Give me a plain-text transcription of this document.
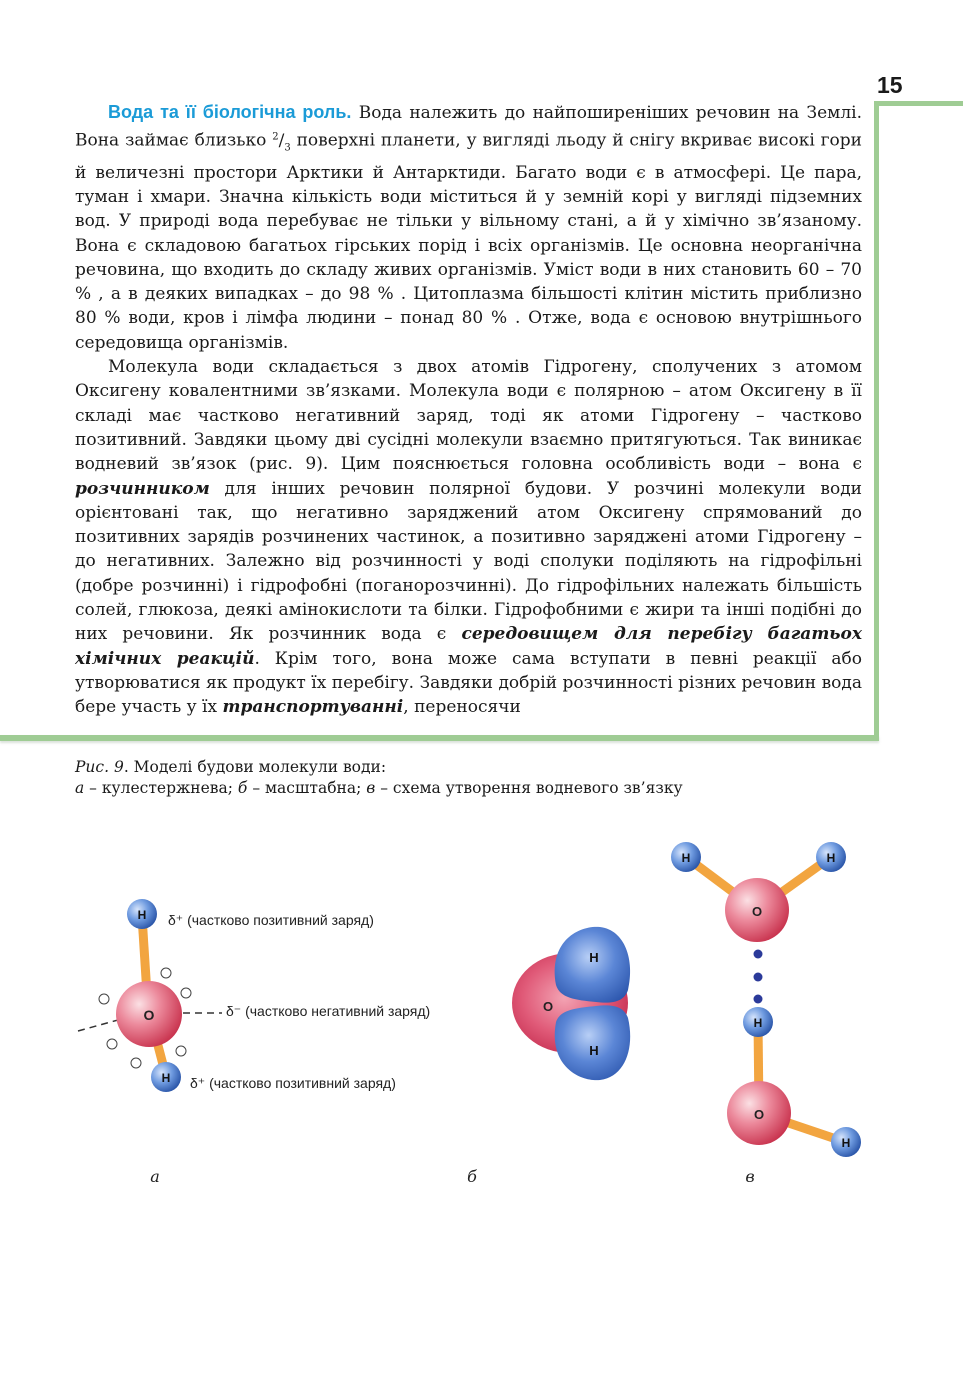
15

Вода та її біологічна роль. Вода належить до найпоширеніших речовин на Землі. Вона займає близько $^2/_3$ поверхні планети, у вигляді льоду й снігу вкриває високі гори й величезні простори Арктики й Антарктиди. Багато води є в атмосфері. Це пара, туман і хмари. Значна кількість води міститься й у земній корі у вигляді підземних вод. У природі вода перебуває не тільки у вільному стані, а й у хімічно зв’язаному. Вона є складовою багатьох гірських порід і всіх організмів. Це основна неорганічна речовина, що входить до складу живих організмів. Уміст води в них становить 60 – 70 % , а в деяких випадках – до 98 % . Цитоплазма більшості клітин містить приблизно 80 % води, кров і лімфа людини – понад 80 % . Отже, вода є основою внутрішнього середовища організмів.

Молекула води складається з двох атомів Гідрогену, сполучених з атомом Оксигену ковалентними зв’язками. Молекула води є полярною – атом Оксигену в її складі має частково негативний заряд, тоді як атоми Гідрогену – частково позитивний. Завдяки цьому дві сусідні молекули взаємно притягуються. Так виникає водневий зв’язок (рис. 9). Цим пояснюється головна особливість води – вона є розчинником для інших речовин полярної будови. У розчині молекули води орієнтовані так, що негативно заряджений атом Оксигену спрямований до позитивних зарядів розчинених частинок, а позитивно заряджені атоми Гідрогену – до негативних. Залежно від розчинності у воді сполуки поділяють на гідрофільні (добре розчинні) і гідрофобні (поганорозчинні). До гідрофільних належать більшість солей, глюкоза, деякі амінокислоти та білки. Гідрофобними є жири та інші подібні до них речовини. Як розчинник вода є середовищем для перебігу багатьох хімічних реакцій. Крім того, вона може сама вступати в певні реакції або утворюватися як продукт їх перебігу. Завдяки добрій розчинності різних речовин вода бере участь у їх транспортуванні, переносячи

Рис. 9. Моделі будови молекули води:
а – кулестержнева; б – масштабна; в – схема утворення водневого зв’язку
O
H
H
δ⁺ (частково позитивний заряд)
δ⁻ (частково негативний заряд)
δ⁺ (частково позитивний заряд)
а
O
H
H
б
O
H	H
H
O
H
в
